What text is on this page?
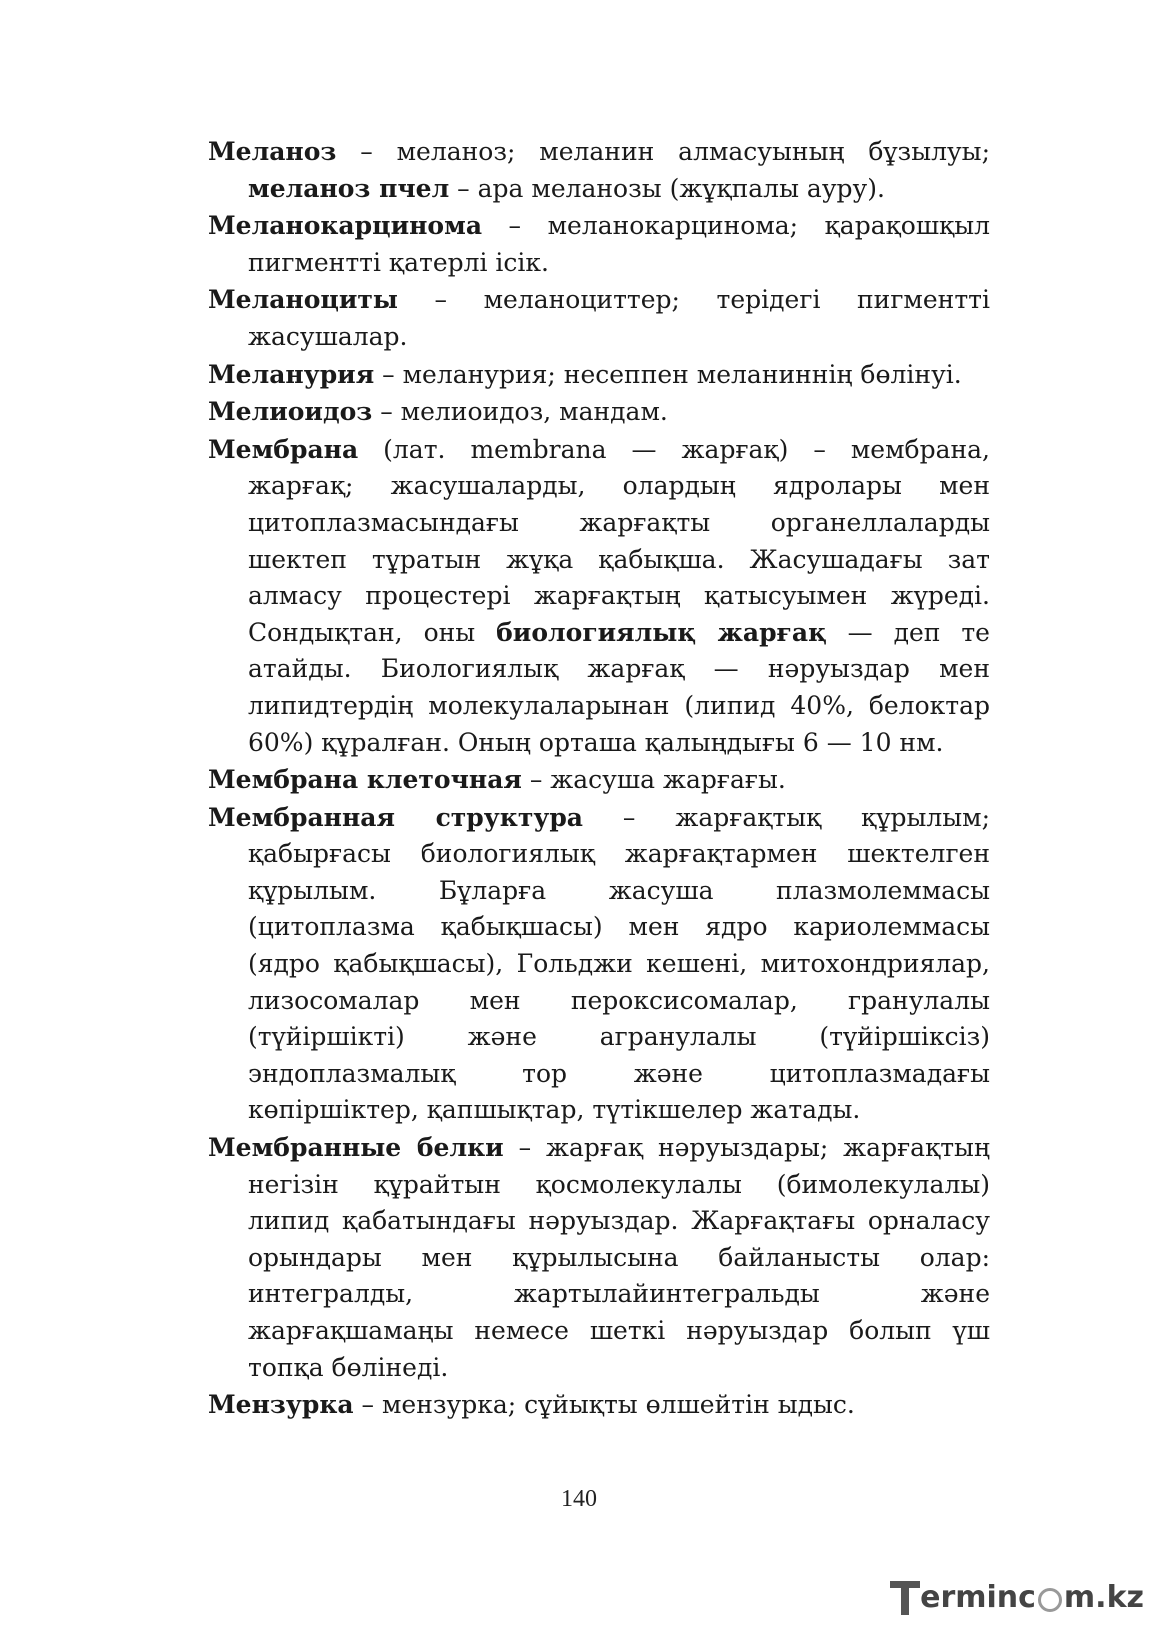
Меланоз – меланоз; меланин алмасуының бұзылуы; меланоз пчел – ара меланозы (жұқпалы ауру).

Меланокарцинома – меланокарцинома; қарақошқыл пигментті қатерлі ісік.

Меланоциты – меланоциттер; терідегі пигментті жасушалар.

Меланурия – меланурия; несеппен меланиннің бөлінуі.

Мелиоидоз – мелиоидоз, мандам.

Мембрана (лат. membrana — жарғақ) – мембрана, жарғақ; жасушаларды, олардың ядролары мен цитоплазмасындағы жарғақты органеллаларды шектеп тұратын жұқа қабықша. Жасушадағы зат алмасу процестері жарғақтың қатысуымен жүреді. Сондықтан, оны биологиялық жарғақ — деп те атайды. Биологиялық жарғақ — нәруыздар мен липидтердің молекулаларынан (липид 40%, белоктар 60%) құралған. Оның орташа қалыңдығы 6 — 10 нм.

Мембрана клеточная – жасуша жарғағы.

Мембранная структура – жарғақтық құрылым; қабырғасы биологиялық жарғақтармен шектелген құрылым. Бұларға жасуша плазмолеммасы (цитоплазма қабықшасы) мен ядро кариолеммасы (ядро қабықшасы), Гольджи кешені, митохондриялар, лизосомалар мен пероксисомалар, гранулалы (түйіршікті) және агранулалы (түйіршіксіз) эндоплазмалық тор және цитоплазмадағы көпіршіктер, қапшықтар, түтікшелер жатады.

Мембранные белки – жарғақ нәруыздары; жарғақтың негізін құрайтын қосмолекулалы (бимолекулалы) липид қабатындағы нәруыздар. Жарғақтағы орналасу орындары мен құрылысына байланысты олар: интегралды, жартылайинтегральды және жарғақшамаңы немесе шеткі нәруыздар болып үш топқа бөлінеді.

Мензурка – мензурка; сұйықты өлшейтін ыдыс.

140
erminc m.kz
